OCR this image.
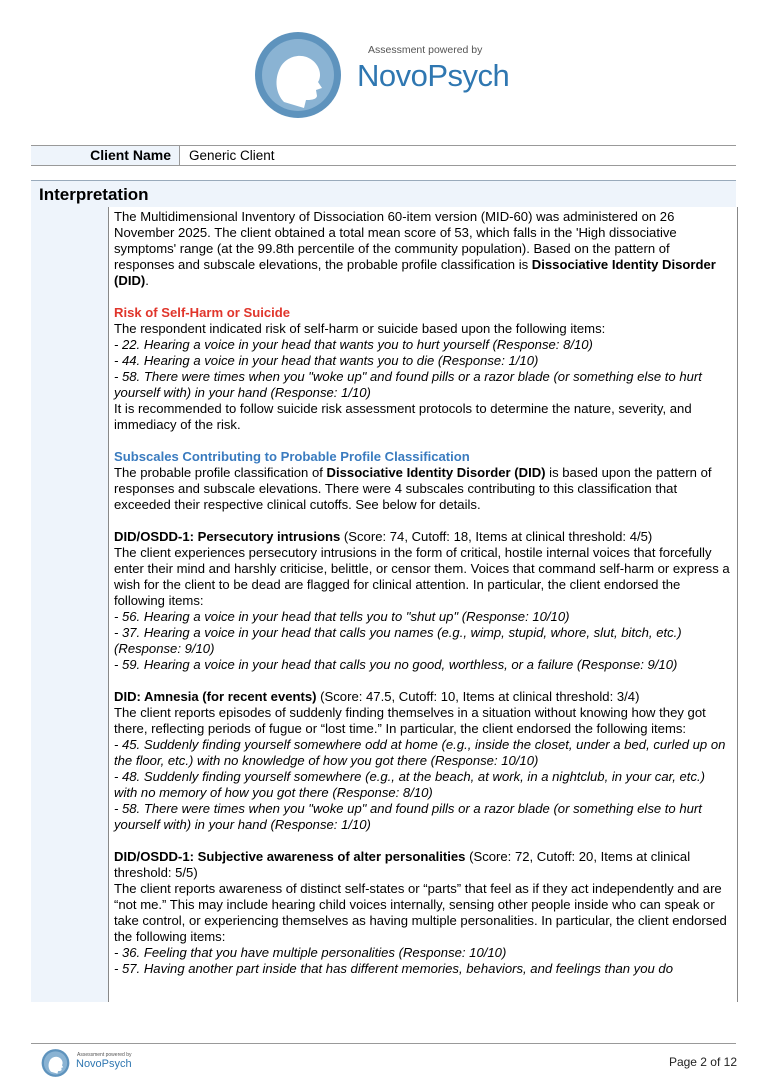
Assessment powered by
NovoPsych
Client Name Generic Client
Interpretation

The Multidimensional Inventory of Dissociation 60-item version (MID-60) was administered on 26 November 2025. The client obtained a total mean score of 53, which falls in the 'High dissociative symptoms' range (at the 99.8th percentile of the community population). Based on the pattern of responses and subscale elevations, the probable profile classification is Dissociative Identity Disorder (DID).

Risk of Self-Harm or Suicide

The respondent indicated risk of self-harm or suicide based upon the following items:

- 22. Hearing a voice in your head that wants you to hurt yourself (Response: 8/10)

- 44. Hearing a voice in your head that wants you to die (Response: 1/10)

- 58. There were times when you "woke up" and found pills or a razor blade (or something else to hurt yourself with) in your hand (Response: 1/10)

It is recommended to follow suicide risk assessment protocols to determine the nature, severity, and immediacy of the risk.

Subscales Contributing to Probable Profile Classification

The probable profile classification of Dissociative Identity Disorder (DID) is based upon the pattern of responses and subscale elevations. There were 4 subscales contributing to this classification that exceeded their respective clinical cutoffs. See below for details.

DID/OSDD-1: Persecutory intrusions (Score: 74, Cutoff: 18, Items at clinical threshold: 4/5)

The client experiences persecutory intrusions in the form of critical, hostile internal voices that forcefully enter their mind and harshly criticise, belittle, or censor them. Voices that command self-harm or express a wish for the client to be dead are flagged for clinical attention. In particular, the client endorsed the following items:

- 56. Hearing a voice in your head that tells you to "shut up" (Response: 10/10)

- 37. Hearing a voice in your head that calls you names (e.g., wimp, stupid, whore, slut, bitch, etc.) (Response: 9/10)

- 59. Hearing a voice in your head that calls you no good, worthless, or a failure (Response: 9/10)

DID: Amnesia (for recent events) (Score: 47.5, Cutoff: 10, Items at clinical threshold: 3/4)

The client reports episodes of suddenly finding themselves in a situation without knowing how they got there, reflecting periods of fugue or “lost time.” In particular, the client endorsed the following items:

- 45. Suddenly finding yourself somewhere odd at home (e.g., inside the closet, under a bed, curled up on the floor, etc.) with no knowledge of how you got there (Response: 10/10)

- 48. Suddenly finding yourself somewhere (e.g., at the beach, at work, in a nightclub, in your car, etc.) with no memory of how you got there (Response: 8/10)

- 58. There were times when you "woke up" and found pills or a razor blade (or something else to hurt yourself with) in your hand (Response: 1/10)

DID/OSDD-1: Subjective awareness of alter personalities (Score: 72, Cutoff: 20, Items at clinical threshold: 5/5)

The client reports awareness of distinct self-states or “parts” that feel as if they act independently and are “not me.” This may include hearing child voices internally, sensing other people inside who can speak or take control, or experiencing themselves as having multiple personalities. In particular, the client endorsed the following items:

- 36. Feeling that you have multiple personalities (Response: 10/10)

- 57. Having another part inside that has different memories, behaviors, and feelings than you do

Assessment powered by
NovoPsych	Page 2 of 12
